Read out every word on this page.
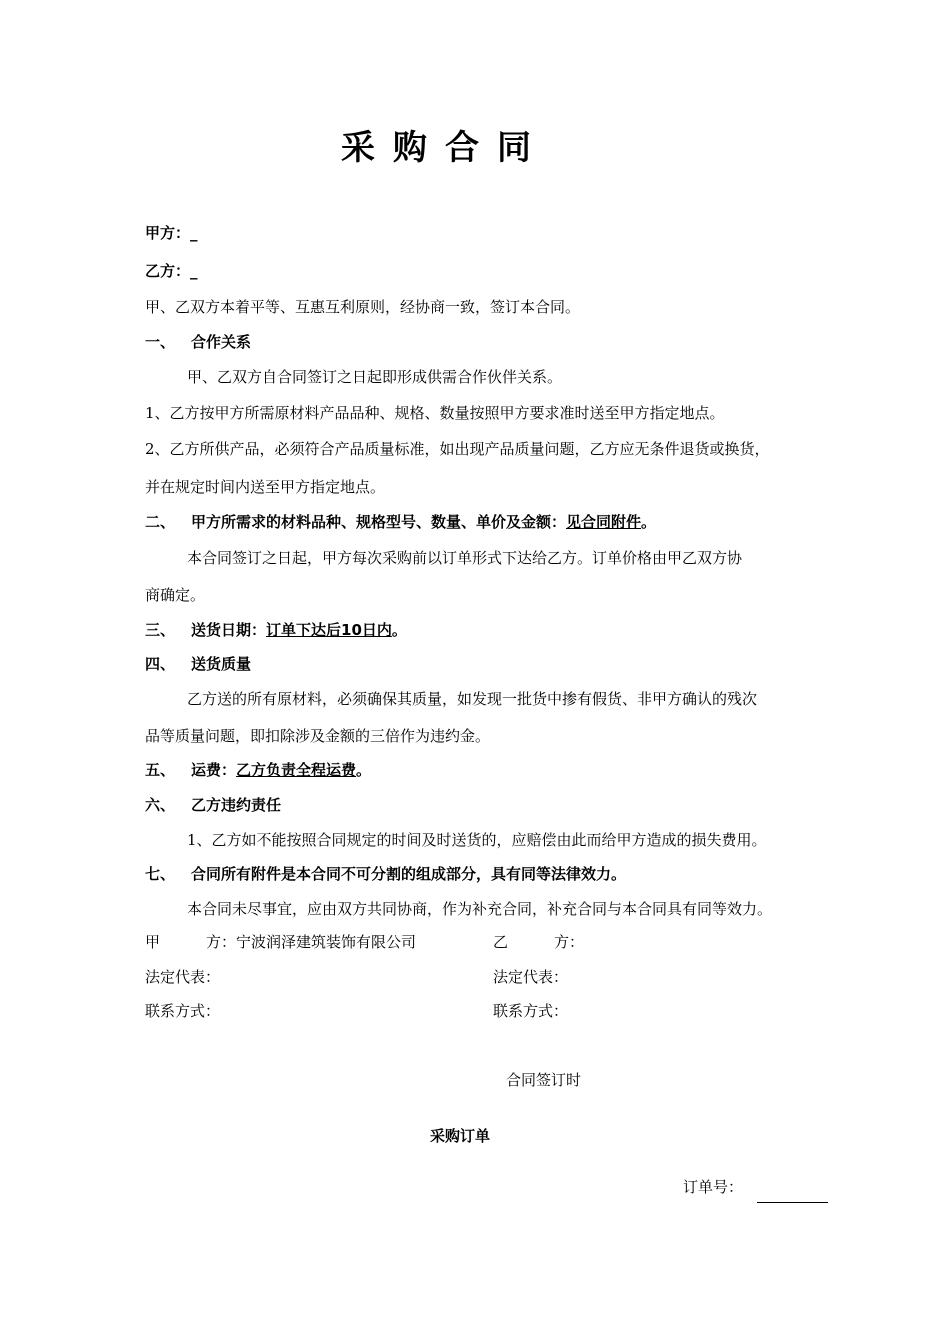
采购合同
甲方：_
乙方：_
甲、乙双方本着平等、互惠互利原则，经协商一致，签订本合同。
一、 合作关系
甲、乙双方自合同签订之日起即形成供需合作伙伴关系。
1、乙方按甲方所需原材料产品品种、规格、数量按照甲方要求准时送至甲方指定地点。
2、乙方所供产品，必须符合产品质量标准，如出现产品质量问题，乙方应无条件退货或换货，
并在规定时间内送至甲方指定地点。
二、 甲方所需求的材料品种、规格型号、数量、单价及金额：见合同附件。
本合同签订之日起，甲方每次采购前以订单形式下达给乙方。订单价格由甲乙双方协
商确定。
三、 送货日期：订单下达后10日内。
四、 送货质量
乙方送的所有原材料，必须确保其质量，如发现一批货中掺有假货、非甲方确认的残次
品等质量问题，即扣除涉及金额的三倍作为违约金。
五、 运费：乙方负责全程运费。
六、 乙方违约责任
1、乙方如不能按照合同规定的时间及时送货的，应赔偿由此而给甲方造成的损失费用。
七、 合同所有附件是本合同不可分割的组成部分，具有同等法律效力。
本合同未尽事宜，应由双方共同协商，作为补充合同，补充合同与本合同具有同等效力。
甲	方：宁波润泽建筑装饰有限公司	乙	方：
法定代表：	法定代表：
联系方式：	联系方式：
合同签订时
采购订单
订单号：
